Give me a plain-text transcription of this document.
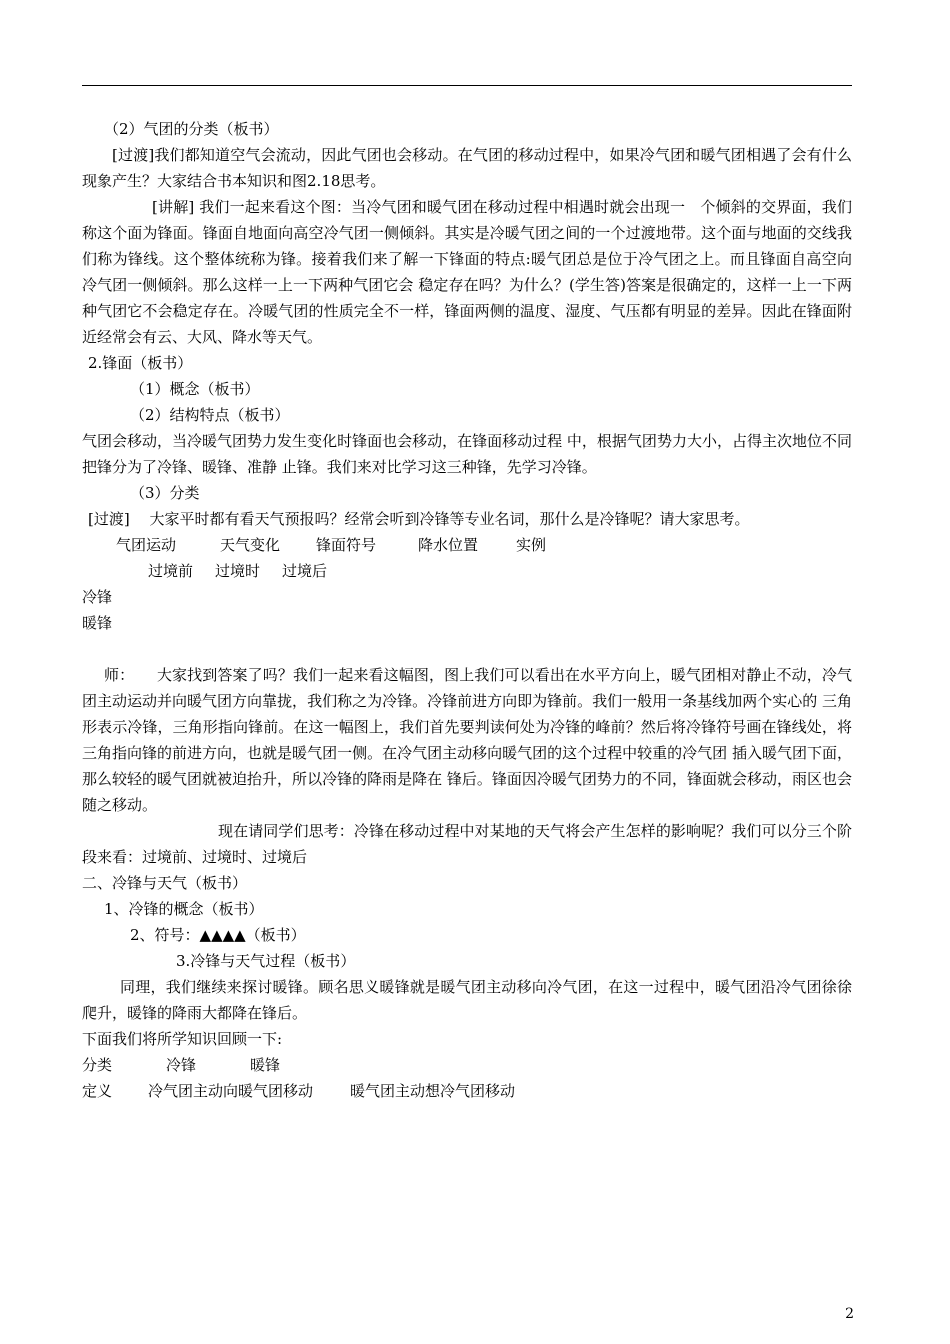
（2）气团的分类（板书）

[过渡]我们都知道空气会流动，因此气团也会移动。在气团的移动过程中，如果冷气团和暖气团相遇了会有什么现象产生？大家结合书本知识和图2.18思考。

[讲解] 我们一起来看这个图：当冷气团和暖气团在移动过程中相遇时就会出现一　个倾斜的交界面，我们称这个面为锋面。锋面自地面向高空冷气团一侧倾斜。其实是冷暖气团之间的一个过渡地带。这个面与地面的交线我们称为锋线。这个整体统称为锋。接着我们来了解一下锋面的特点:暖气团总是位于冷气团之上。而且锋面自高空向冷气团一侧倾斜。那么这样一上一下两种气团它会 稳定存在吗？为什么？(学生答)答案是很确定的，这样一上一下两种气团它不会稳定存在。冷暖气团的性质完全不一样，锋面两侧的温度、湿度、气压都有明显的差异。因此在锋面附近经常会有云、大风、降水等天气。

2.锋面（板书）

（1）概念（板书）

（2）结构特点（板书）

气团会移动，当冷暖气团势力发生变化时锋面也会移动，在锋面移动过程 中，根据气团势力大小，占得主次地位不同把锋分为了冷锋、暖锋、准静 止锋。我们来对比学习这三种锋，先学习冷锋。

（3）分类

[过渡]　 大家平时都有看天气预报吗？经常会听到冷锋等专业名词，那什么是冷锋呢？请大家思考。

气团运动	天气变化 锋面符号	降水位置	实例
过境前 过境时 过境后

冷锋

暖锋

师：　　大家找到答案了吗？我们一起来看这幅图，图上我们可以看出在水平方向上，暖气团相对静止不动，冷气团主动运动并向暖气团方向靠拢，我们称之为冷锋。冷锋前进方向即为锋前。我们一般用一条基线加两个实心的 三角形表示冷锋，三角形指向锋前。在这一幅图上，我们首先要判读何处为冷锋的峰前？然后将冷锋符号画在锋线处，将三角指向锋的前进方向，也就是暖气团一侧。在冷气团主动移向暖气团的这个过程中较重的冷气团 插入暖气团下面，那么较轻的暖气团就被迫抬升，所以冷锋的降雨是降在 锋后。锋面因冷暖气团势力的不同，锋面就会移动，雨区也会随之移动。

现在请同学们思考：冷锋在移动过程中对某地的天气将会产生怎样的影响呢？我们可以分三个阶段来看：过境前、过境时、过境后

二、冷锋与天气（板书）

1、冷锋的概念（板书）

2、符号：▲▲▲▲（板书）

3.冷锋与天气过程（板书）

同理，我们继续来探讨暖锋。顾名思义暖锋就是暖气团主动移向冷气团，在这一过程中，暖气团沿冷气团徐徐爬升，暖锋的降雨大都降在锋后。

下面我们将所学知识回顾一下:

分类	冷锋	暖锋
定义 冷气团主动向暖气团移动 暖气团主动想冷气团移动
2
